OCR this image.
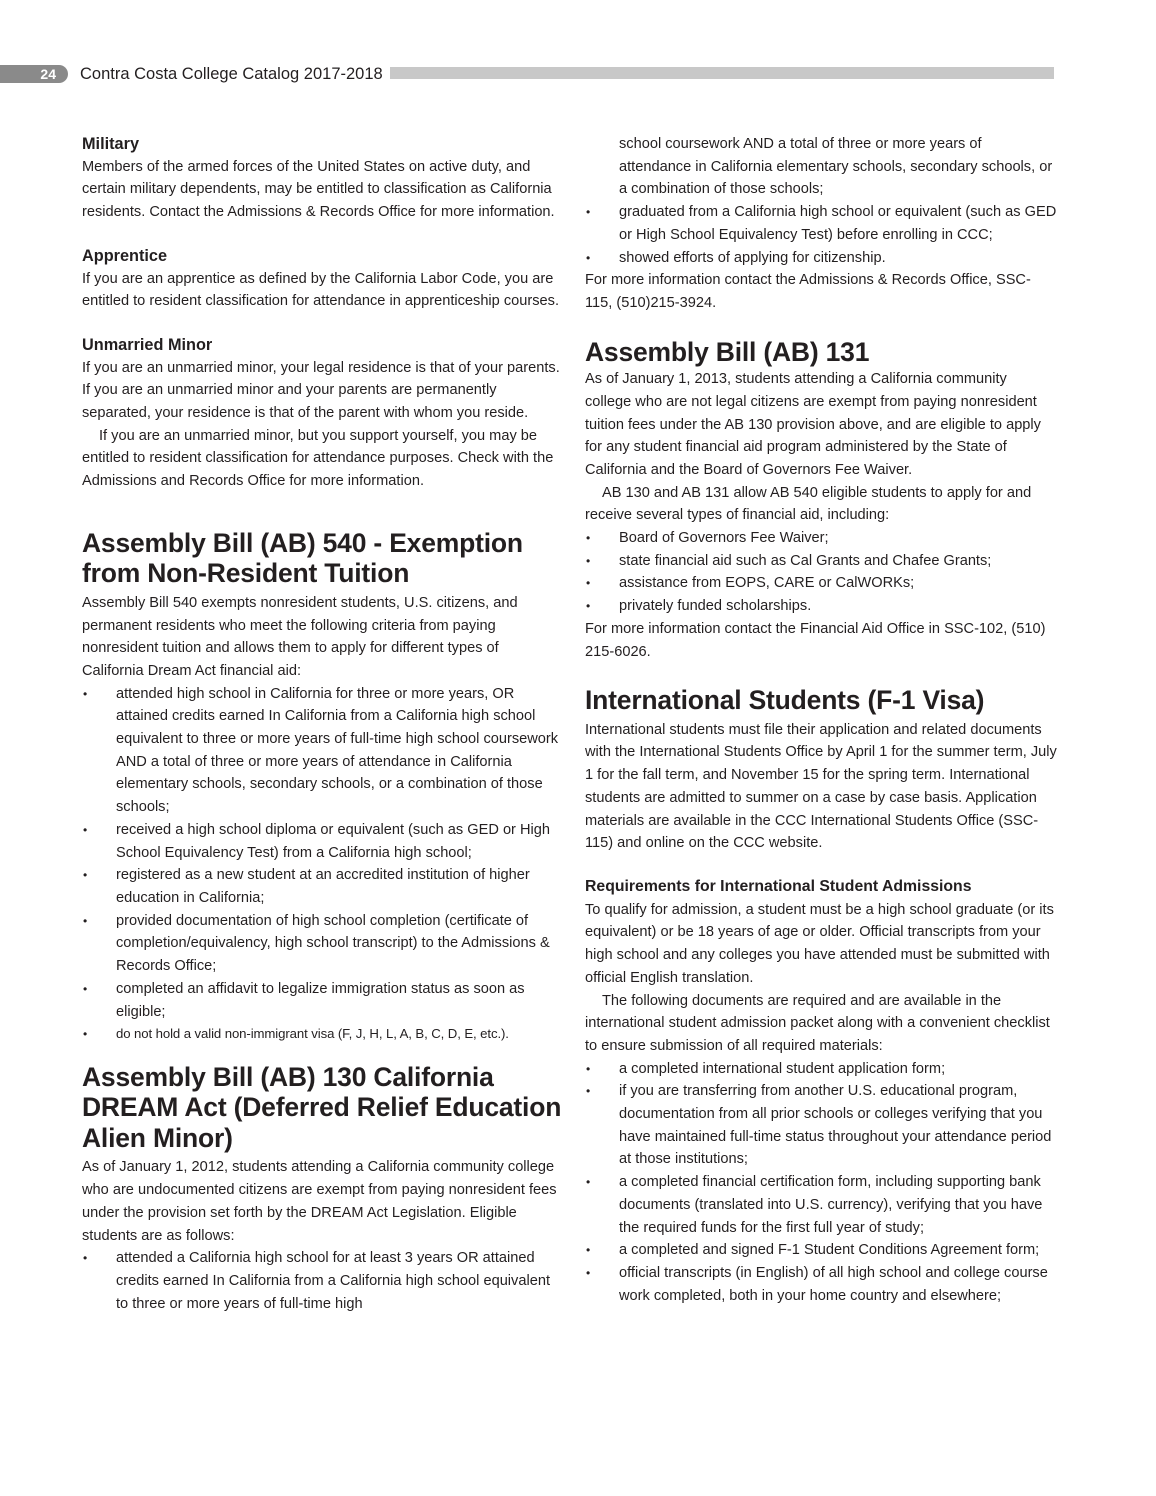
24 Contra Costa College Catalog 2017-2018
Military
Members of the armed forces of the United States on active duty, and certain military dependents, may be entitled to classification as California residents. Contact the Admissions & Records Office for more information.
Apprentice
If you are an apprentice as defined by the California Labor Code, you are entitled to resident classification for attendance in apprenticeship courses.
Unmarried Minor
If you are an unmarried minor, your legal residence is that of your parents. If you are an unmarried minor and your parents are permanently separated, your residence is that of the parent with whom you reside.
If you are an unmarried minor, but you support yourself, you may be entitled to resident classification for attendance purposes. Check with the Admissions and Records Office for more information.
Assembly Bill (AB) 540 - Exemption from Non-Resident Tuition
Assembly Bill 540 exempts nonresident students, U.S. citizens, and permanent residents who meet the following criteria from paying nonresident tuition and allows them to apply for different types of California Dream Act financial aid:
• attended high school in California for three or more years, OR attained credits earned In California from a California high school equivalent to three or more years of full-time high school coursework AND a total of three or more years of attendance in California elementary schools, secondary schools, or a combination of those schools;
• received a high school diploma or equivalent (such as GED or High School Equivalency Test) from a California high school;
• registered as a new student at an accredited institution of higher education in California;
• provided documentation of high school completion (certificate of completion/equivalency, high school transcript) to the Admissions & Records Office;
• completed an affidavit to legalize immigration status as soon as eligible;
• do not hold a valid non-immigrant visa (F, J, H, L, A, B, C, D, E, etc.).
Assembly Bill (AB) 130 California DREAM Act (Deferred Relief Education Alien Minor)
As of January 1, 2012, students attending a California community college who are undocumented citizens are exempt from paying nonresident fees under the provision set forth by the DREAM Act Legislation. Eligible students are as follows:
• attended a California high school for at least 3 years OR attained credits earned In California from a California high school equivalent to three or more years of full-time high
school coursework AND a total of three or more years of attendance in California elementary schools, secondary schools, or a combination of those schools;
• graduated from a California high school or equivalent (such as GED or High School Equivalency Test) before enrolling in CCC;
• showed efforts of applying for citizenship.
For more information contact the Admissions & Records Office, SSC-115, (510)215-3924.
Assembly Bill (AB) 131
As of January 1, 2013, students attending a California community college who are not legal citizens are exempt from paying nonresident tuition fees under the AB 130 provision above, and are eligible to apply for any student financial aid program administered by the State of California and the Board of Governors Fee Waiver.
AB 130 and AB 131 allow AB 540 eligible students to apply for and receive several types of financial aid, including:
• Board of Governors Fee Waiver;
• state financial aid such as Cal Grants and Chafee Grants;
• assistance from EOPS, CARE or CalWORKs;
• privately funded scholarships.
For more information contact the Financial Aid Office in SSC-102, (510) 215-6026.
International Students (F-1 Visa)
International students must file their application and related documents with the International Students Office by April 1 for the summer term, July 1 for the fall term, and November 15 for the spring term. International students are admitted to summer on a case by case basis. Application materials are available in the CCC International Students Office (SSC-115) and online on the CCC website.
Requirements for International Student Admissions
To qualify for admission, a student must be a high school graduate (or its equivalent) or be 18 years of age or older. Official transcripts from your high school and any colleges you have attended must be submitted with official English translation.
The following documents are required and are available in the international student admission packet along with a convenient checklist to ensure submission of all required materials:
• a completed international student application form;
• if you are transferring from another U.S. educational program, documentation from all prior schools or colleges verifying that you have maintained full-time status throughout your attendance period at those institutions;
• a completed financial certification form, including supporting bank documents (translated into U.S. currency), verifying that you have the required funds for the first full year of study;
• a completed and signed F-1 Student Conditions Agreement form;
• official transcripts (in English) of all high school and college course work completed, both in your home country and elsewhere;
